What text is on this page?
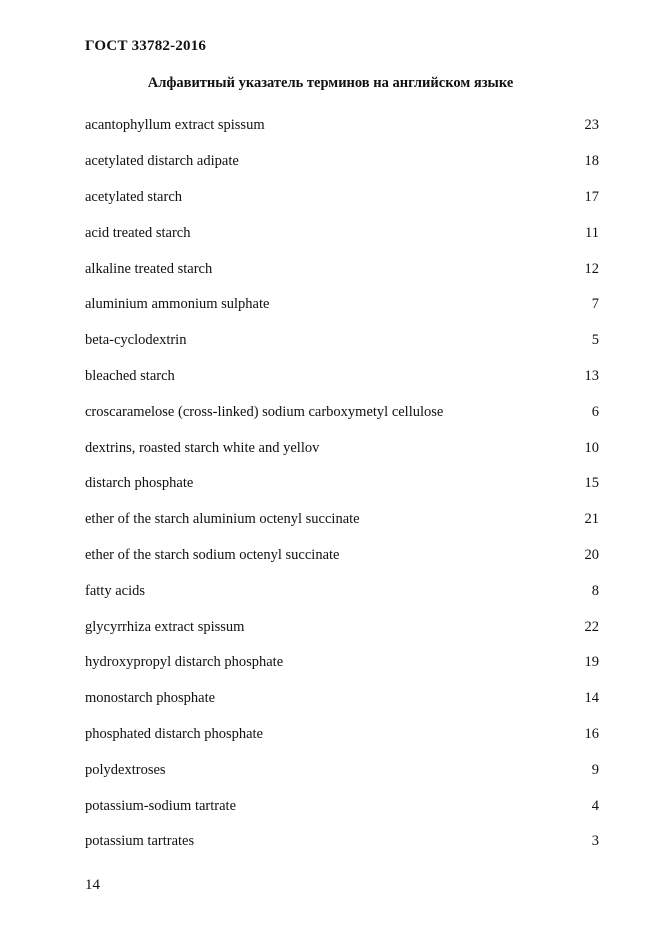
ГОСТ 33782-2016
Алфавитный указатель терминов на английском языке
acantophyllum extract spissum	23
acetylated distarch adipate	18
acetylated starch	17
acid treated starch	11
alkaline treated starch	12
aluminium ammonium sulphate	7
beta-cyclodextrin	5
bleached starch	13
croscaramelose (cross-linked) sodium carboxymetyl cellulose	6
dextrins, roasted starch white and yellov	10
distarch phosphate	15
ether of the starch aluminium octenyl succinate	21
ether of the starch sodium octenyl succinate	20
fatty acids	8
glycyrrhiza extract spissum	22
hydroxypropyl distarch phosphate	19
monostarch phosphate	14
phosphated distarch phosphate	16
polydextroses	9
potassium-sodium tartrate	4
potassium tartrates	3
14
